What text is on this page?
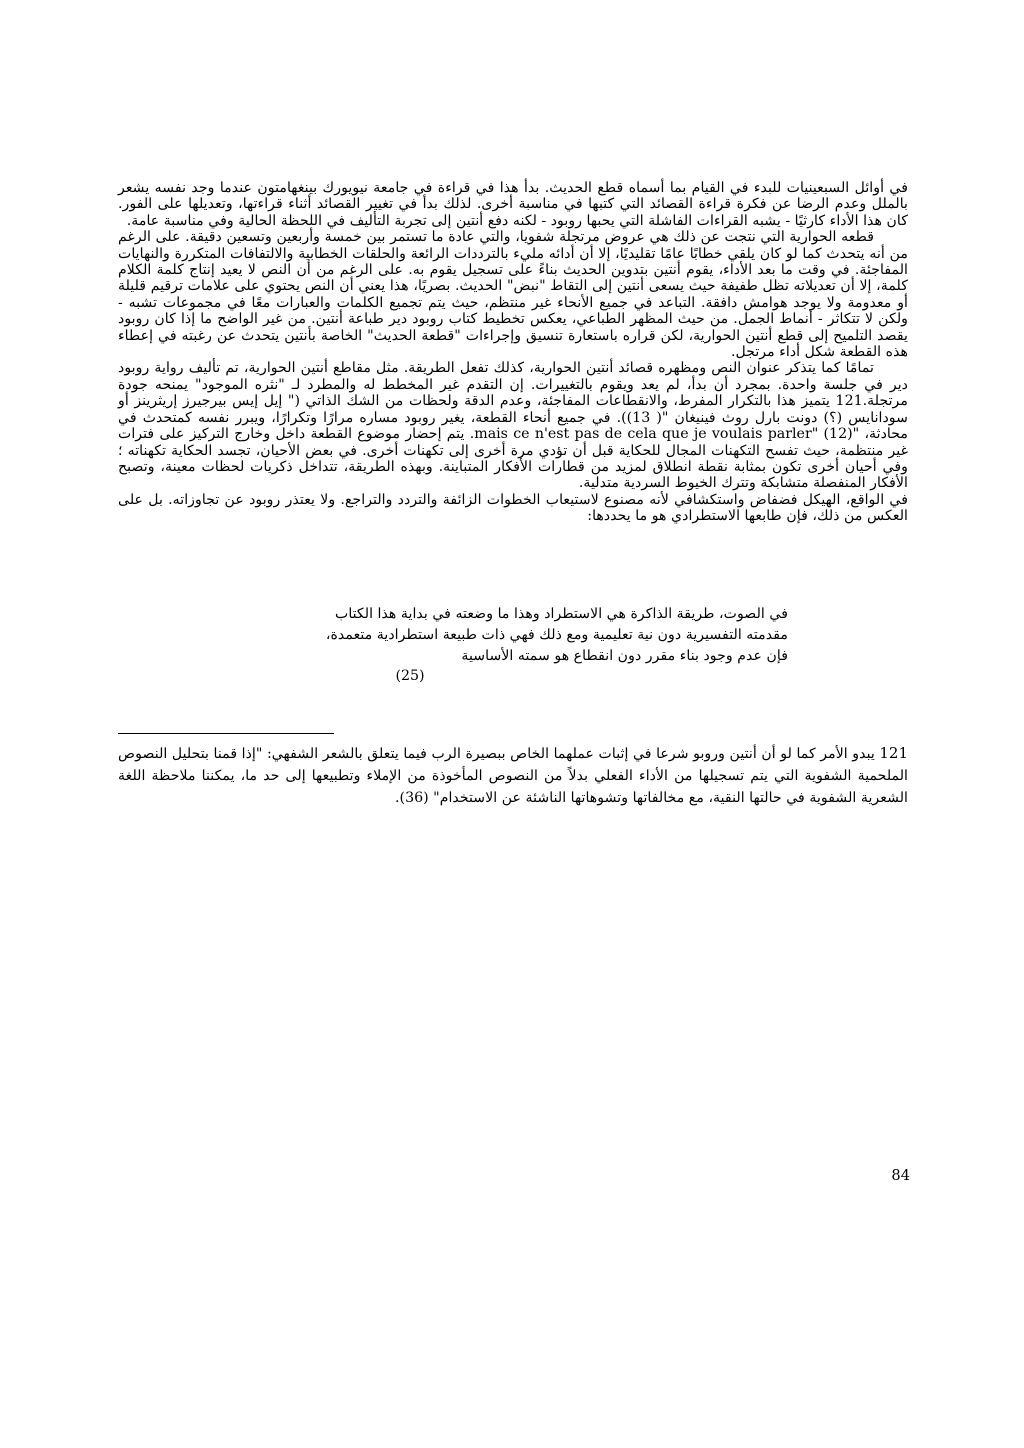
في أوائل السبعينيات للبدء في القيام بما أسماه قطع الحديث. بدأ هذا في قراءة في جامعة نيويورك بينغهامتون عندما وجد نفسه يشعر بالملل وعدم الرضا عن فكرة قراءة القصائد التي كتبها في مناسبة أخرى. لذلك بدأ في تغيير القصائد أثناء قراءتها، وتعديلها على الفور. كان هذا الأداء كارثيًا - يشبه القراءات الفاشلة التي يحبها روبود - لكنه دفع أنتين إلى تجربة التأليف في اللحظة الحالية وفي مناسبة عامة.

قطعه الحوارية التي نتجت عن ذلك هي عروض مرتجلة شفويا، والتي عادة ما تستمر بين خمسة وأربعين وتسعين دقيقة. على الرغم من أنه يتحدث كما لو كان يلقي خطابًا عامًا تقليديًا، إلا أن أدائه مليء بالترددات الرائعة والحلقات الخطابية والالتفافات المتكررة والنهايات المفاجئة. في وقت ما بعد الأداء، يقوم أنتين بتدوين الحديث بناءً على تسجيل يقوم به. على الرغم من أن النص لا يعيد إنتاج كلمة الكلام كلمة، إلا أن تعديلاته تظل طفيفة حيث يسعى أنتين إلى التقاط "نبض" الحديث. بصريًا، هذا يعني أن النص يحتوي على علامات ترقيم قليلة أو معدومة ولا يوجد هوامش دافقة. التباعد في جميع الأنحاء غير منتظم، حيث يتم تجميع الكلمات والعبارات معًا في مجموعات تشبه - ولكن لا تتكاثر - أنماط الجمل. من حيث المظهر الطباعي، يعكس تخطيط كتاب روبود دير طباعة أنتين. من غير الواضح ما إذا كان روبود يقصد التلميح إلى قطع أنتين الحوارية، لكن قراره باستعارة تنسيق وإجراءات "قطعة الحديث" الخاصة بأنتين يتحدث عن رغبته في إعطاء هذه القطعة شكل أداء مرتجل.

تمامًا كما يتذكر عنوان النص ومظهره قصائد أنتين الحوارية، كذلك تفعل الطريقة. مثل مقاطع أنتين الحوارية، تم تأليف رواية روبود دير في جلسة واحدة. بمجرد أن بدأ، لم يعد ويقوم بالتغييرات. إن التقدم غير المخطط له والمطرد لـ "نثره الموجود" يمنحه جودة مرتجلة.121 يتميز هذا بالتكرار المفرط، والانقطاعات المفاجئة، وعدم الدقة ولحظات من الشك الذاتي (" إيل إيس بيرجيرز إريثرينز أو سودانايس (؟) دونت بارل روث فينيغان "( 13)). في جميع أنحاء القطعة، يغير روبود مساره مرارًا وتكرارًا، ويبرر نفسه كمتحدث في محادثة، "mais ce n'est pas de cela que je voulais parler" (12). يتم إحضار موضوع القطعة داخل وخارج التركيز على فترات غير منتظمة، حيث تفسح التكهنات المجال للحكاية قبل أن تؤدي مرة أخرى إلى تكهنات أخرى. في بعض الأحيان، تجسد الحكاية تكهناته ؛ وفي أحيان أخرى تكون بمثابة نقطة انطلاق لمزيد من قطارات الأفكار المتباينة. وبهذه الطريقة، تتداخل ذكريات لحظات معينة، وتصبح الأفكار المنفصلة متشابكة وتترك الخيوط السردية متدلية.

في الواقع، الهيكل فضفاض واستكشافي لأنه مصنوع لاستيعاب الخطوات الزائفة والتردد والتراجع. ولا يعتذر روبود عن تجاوزاته. بل على العكس من ذلك، فإن طابعها الاستطرادي هو ما يحددها:

في الصوت، طريقة الذاكرة هي الاستطراد وهذا ما وضعته في بداية هذا الكتاب

مقدمته التفسيرية دون نية تعليمية ومع ذلك فهي ذات طبيعة استطرادية متعمدة،

فإن عدم وجود بناء مقرر دون انقطاع هو سمته الأساسية

(25)

121 يبدو الأمر كما لو أن أنتين وروبو شرعا في إثبات عملهما الخاص ببصيرة الرب فيما يتعلق بالشعر الشفهي: "إذا قمنا بتحليل النصوص الملحمية الشفوية التي يتم تسجيلها من الأداء الفعلي بدلاً من النصوص المأخوذة من الإملاء وتطبيعها إلى حد ما، يمكننا ملاحظة اللغة الشعرية الشفوية في حالتها النقية، مع مخالفاتها وتشوهاتها الناشئة عن الاستخدام" (36).

84
